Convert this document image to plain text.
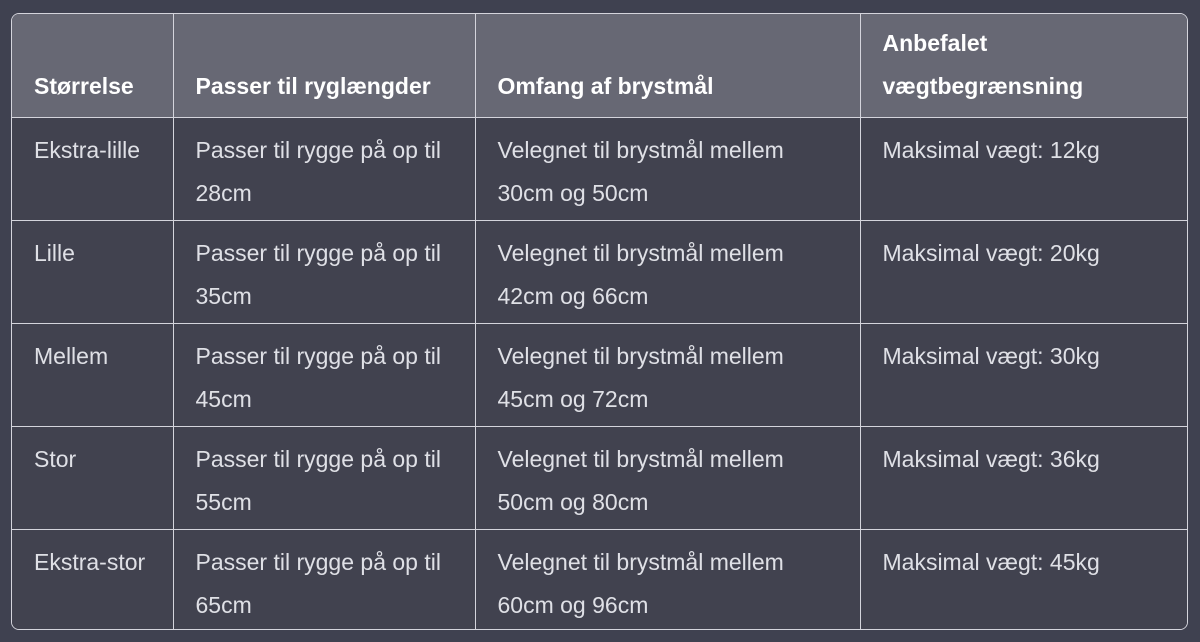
Størrelse	Passer til ryglængder	Omfang af brystmål	Anbefalet vægtbegrænsning
Ekstra-lille	Passer til rygge på op til 28cm	Velegnet til brystmål mellem 30cm og 50cm	Maksimal vægt: 12kg
Lille	Passer til rygge på op til 35cm	Velegnet til brystmål mellem 42cm og 66cm	Maksimal vægt: 20kg
Mellem	Passer til rygge på op til 45cm	Velegnet til brystmål mellem 45cm og 72cm	Maksimal vægt: 30kg
Stor	Passer til rygge på op til 55cm	Velegnet til brystmål mellem 50cm og 80cm	Maksimal vægt: 36kg
Ekstra-stor	Passer til rygge på op til 65cm	Velegnet til brystmål mellem 60cm og 96cm	Maksimal vægt: 45kg
